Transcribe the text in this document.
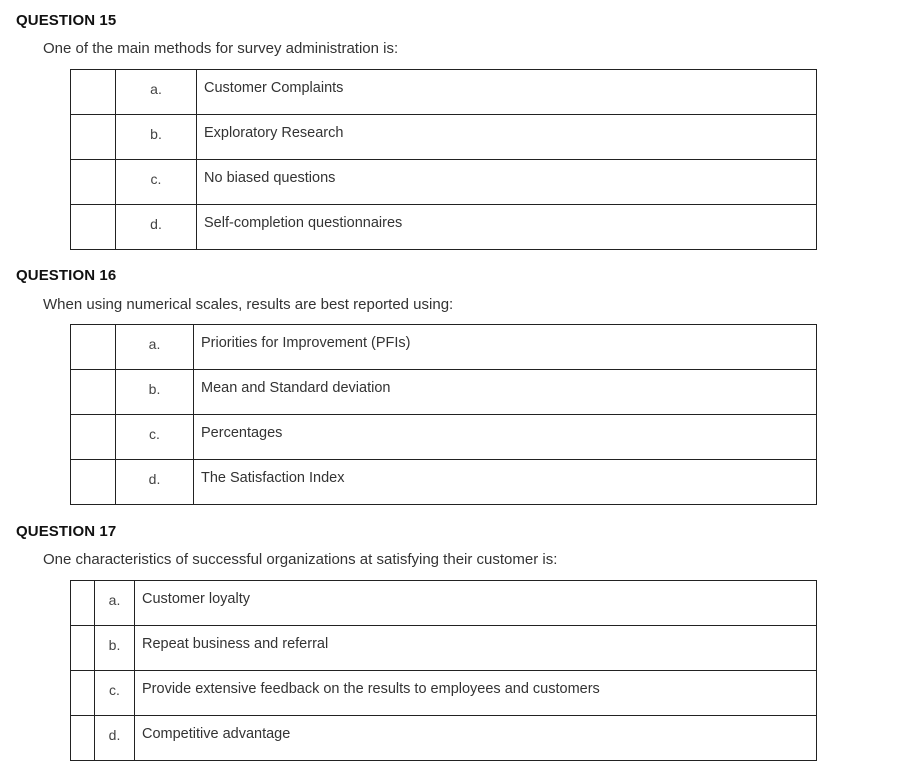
QUESTION 15

One of the main methods for survey administration is:

	a.	Customer Complaints
	b.	Exploratory Research
	c.	No biased questions
	d.	Self-completion questionnaires
QUESTION 16

When using numerical scales, results are best reported using:

	a.	Priorities for Improvement (PFIs)
	b.	Mean and Standard deviation
	c.	Percentages
	d.	The Satisfaction Index
QUESTION 17

One characteristics of successful organizations at satisfying their customer is:

	a.	Customer loyalty
	b.	Repeat business and referral
	c.	Provide extensive feedback on the results to employees and customers
	d.	Competitive advantage
